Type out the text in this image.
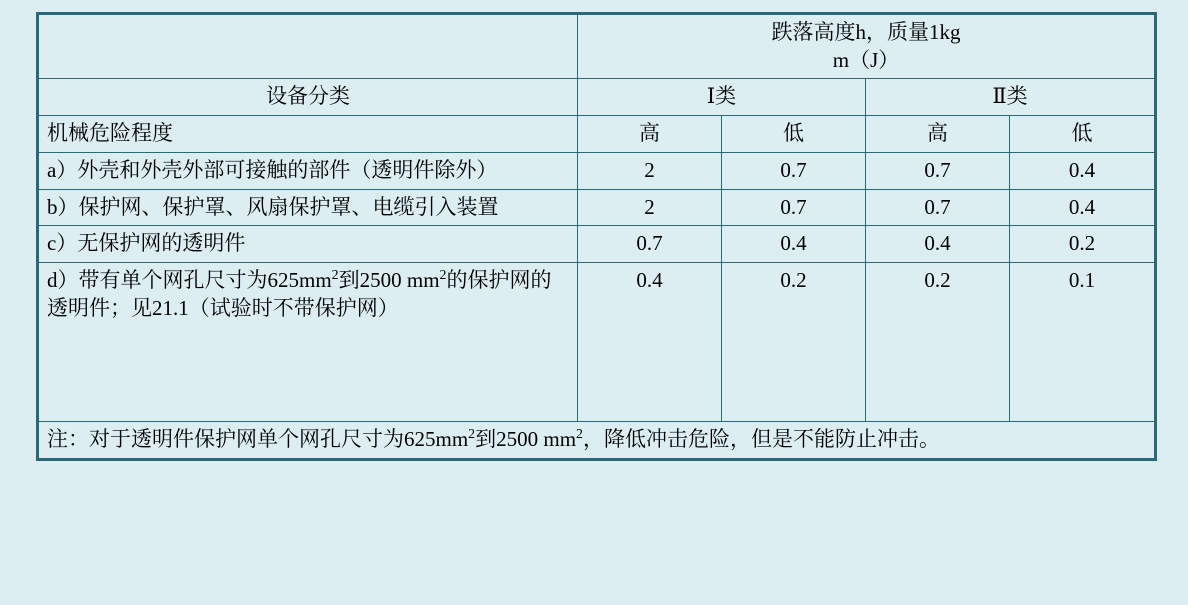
	跌落高度h，质量1kg
m（J）			

设备分类	Ⅰ类		Ⅱ类	
机械危险程度	高	低	高	低
a）外壳和外壳外部可接触的部件（透明件除外）	2	0.7	0.7	0.4
b）保护网、保护罩、风扇保护罩、电缆引入装置	2	0.7	0.7	0.4
c）无保护网的透明件	0.7	0.4	0.4	0.2
d）带有单个网孔尺寸为$625mm^2$到2500 $mm^2$的保护网的透明件；见21.1（试验时不带保护网）	0.4	0.2	0.2	0.1
注：对于透明件保护网单个网孔尺寸为$625mm^2$到2500 $mm^2$，降低冲击危险，但是不能防止冲击。				
